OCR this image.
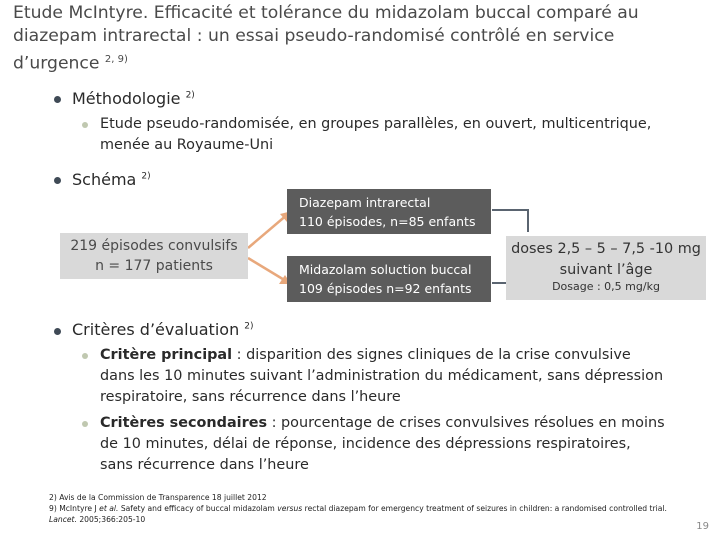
Etude McIntyre. Efficacité et tolérance du midazolam buccal comparé au diazepam intrarectal : un essai pseudo-randomisé contrôlé en service d’urgence $^{2, 9)}$
Méthodologie $^{2)}$
Etude pseudo-randomisée, en groupes parallèles, en ouvert, multicentrique, menée au Royaume-Uni
Schéma $^{2)}$
219 épisodes convulsifs
n = 177 patients
Diazepam intrarectal
110 épisodes, n=85 enfants
Midazolam soluction buccal
109 épisodes n=92 enfants
doses 2,5 – 5 – 7,5 -10 mg
suivant l’âge
Dosage : 0,5 mg/kg
Critères d’évaluation $^{2)}$
Critère principal : disparition des signes cliniques de la crise convulsive dans les 10 minutes suivant l’administration du médicament, sans dépression respiratoire, sans récurrence dans l’heure
Critères secondaires : pourcentage de crises convulsives résolues en moins de 10 minutes, délai de réponse, incidence des dépressions respiratoires, sans récurrence dans l’heure
2) Avis de la Commission de Transparence 18 juillet 2012
9) McIntyre J et al. Safety and efficacy of buccal midazolam versus rectal diazepam for emergency treatment of seizures in children: a randomised controlled trial. Lancet. 2005;366:205-10
19
